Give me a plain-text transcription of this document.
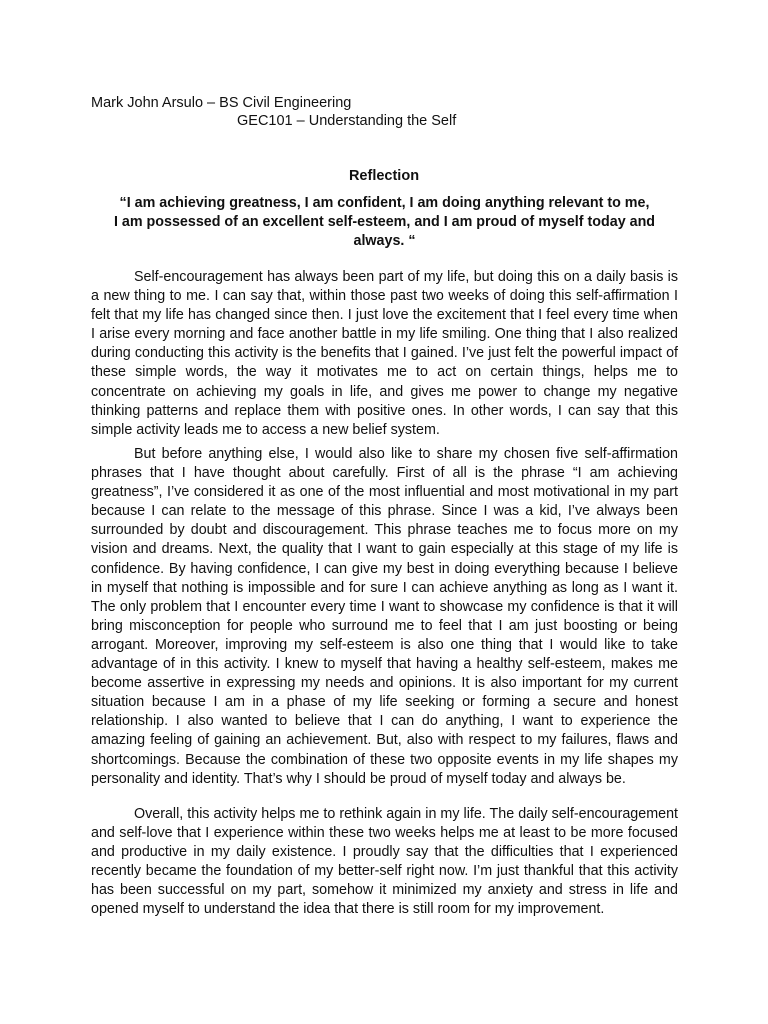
Mark John Arsulo – BS Civil Engineering
GEC101 – Understanding the Self
Reflection
“I am achieving greatness, I am confident, I am doing anything relevant to me,
I am possessed of an excellent self-esteem, and I am proud of myself today and
always. “

Self-encouragement has always been part of my life, but doing this on a daily basis is a new thing to me. I can say that, within those past two weeks of doing this self-affirmation I felt that my life has changed since then. I just love the excitement that I feel every time when I arise every morning and face another battle in my life smiling. One thing that I also realized during conducting this activity is the benefits that I gained. I’ve just felt the powerful impact of these simple words, the way it motivates me to act on certain things, helps me to concentrate on achieving my goals in life, and gives me power to change my negative thinking patterns and replace them with positive ones. In other words, I can say that this simple activity leads me to access a new belief system.

But before anything else, I would also like to share my chosen five self-affirmation phrases that I have thought about carefully. First of all is the phrase “I am achieving greatness”, I’ve considered it as one of the most influential and most motivational in my part because I can relate to the message of this phrase. Since I was a kid, I’ve always been surrounded by doubt and discouragement. This phrase teaches me to focus more on my vision and dreams. Next, the quality that I want to gain especially at this stage of my life is confidence. By having confidence, I can give my best in doing everything because I believe in myself that nothing is impossible and for sure I can achieve anything as long as I want it. The only problem that I encounter every time I want to showcase my confidence is that it will bring misconception for people who surround me to feel that I am just boosting or being arrogant. Moreover, improving my self-esteem is also one thing that I would like to take advantage of in this activity. I knew to myself that having a healthy self-esteem, makes me become assertive in expressing my needs and opinions. It is also important for my current situation because I am in a phase of my life seeking or forming a secure and honest relationship. I also wanted to believe that I can do anything, I want to experience the amazing feeling of gaining an achievement. But, also with respect to my failures, flaws and shortcomings. Because the combination of these two opposite events in my life shapes my personality and identity. That’s why I should be proud of myself today and always be.

Overall, this activity helps me to rethink again in my life. The daily self-encouragement and self-love that I experience within these two weeks helps me at least to be more focused and productive in my daily existence. I proudly say that the difficulties that I experienced recently became the foundation of my better-self right now. I’m just thankful that this activity has been successful on my part, somehow it minimized my anxiety and stress in life and opened myself to understand the idea that there is still room for my improvement.
